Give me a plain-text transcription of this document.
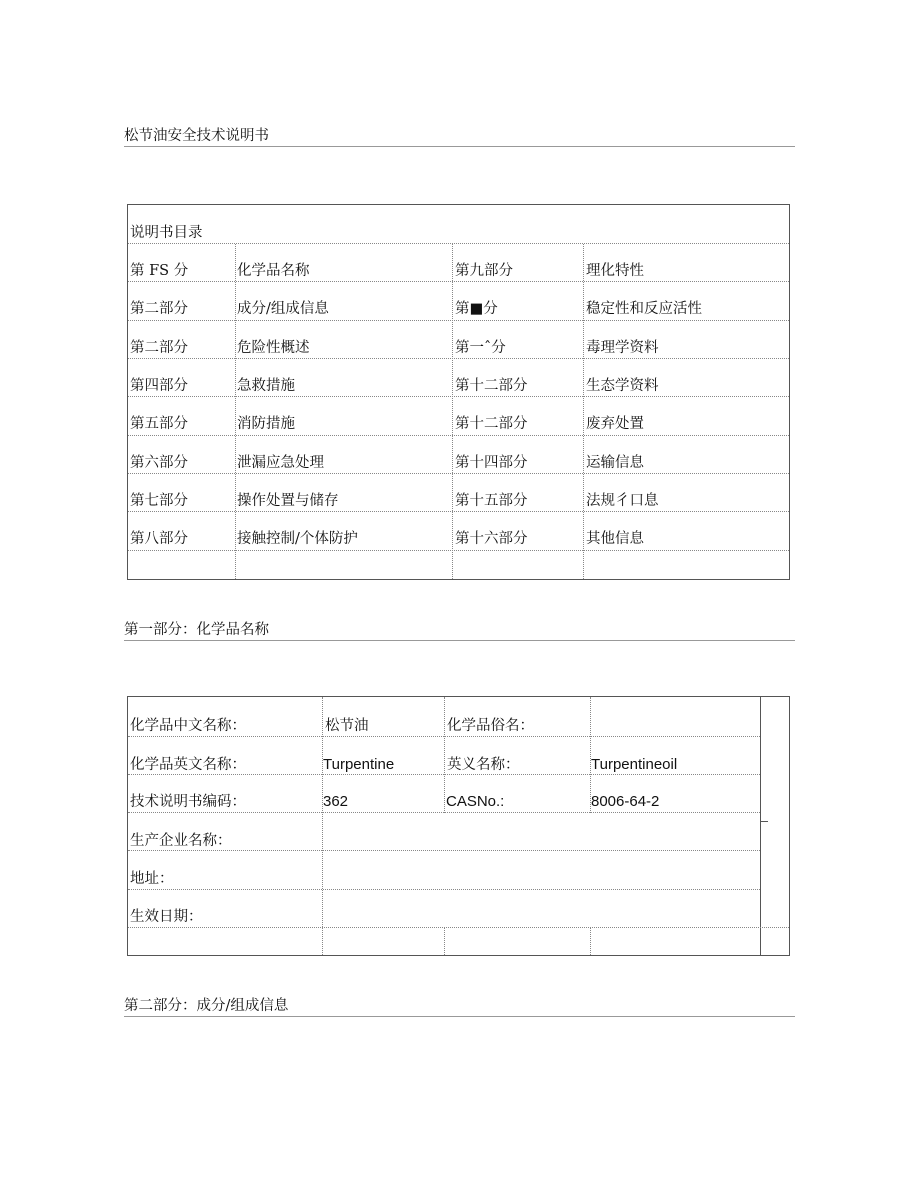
松节油安全技术说明书
说明书目录
第 FS 分	化学品名称	第九部分	理化特性
第二部分	成分/组成信息	第■分	稳定性和反应活性
第二部分	危险性概述	第一ˆ分	毒理学资料
第四部分	急救措施	第十二部分	生态学资料
第五部分	消防措施	第十二部分	废弃处置
第六部分	泄漏应急处理	第十四部分	运输信息
第七部分	操作处置与储存	第十五部分	法规彳口息
第八部分	接触控制/个体防护	第十六部分	其他信息
第一部分：化学品名称
化学品中文名称：	松节油	化学品俗名：
化学品英文名称：	Turpentine	英义名称：	Turpentineoil
技术说明书编码：	362	CASNo.:	8006-64-2
生产企业名称：
地址：
生效日期：
第二部分：成分/组成信息
